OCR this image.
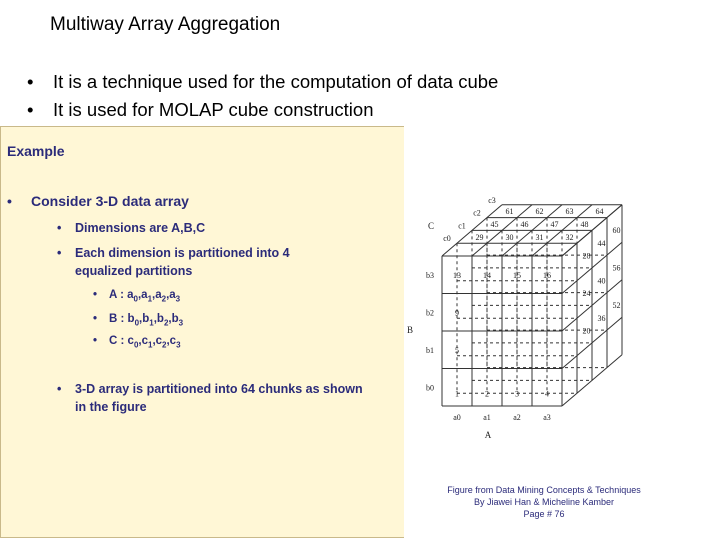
Multiway Array Aggregation
• It is a technique used for the computation of data cube
• It is used for MOLAP cube construction
Example
• Consider 3-D data array
• Dimensions are A,B,C
• Each dimension is partitioned into 4 equalized partitions
• A : $a_0,a_1,a_2,a_3$
• B : $b_0,b_1,b_2,b_3$
• C : $c_0,c_1,c_2,c_3$
• 3-D array is partitioned into 64 chunks as shown in the figure
13	14	15	16
9
5
1	2	3	4
61	62	63	64
45	46	47	48
29	30	31	32
60
44
28
56
40
24
52
36
20
a0	a1	a2	a3
b3
b2
b1
b0
c3
c2
c1
c0
A
B
C
Figure from Data Mining Concepts & Techniques
By Jiawei Han & Micheline Kamber
Page # 76
